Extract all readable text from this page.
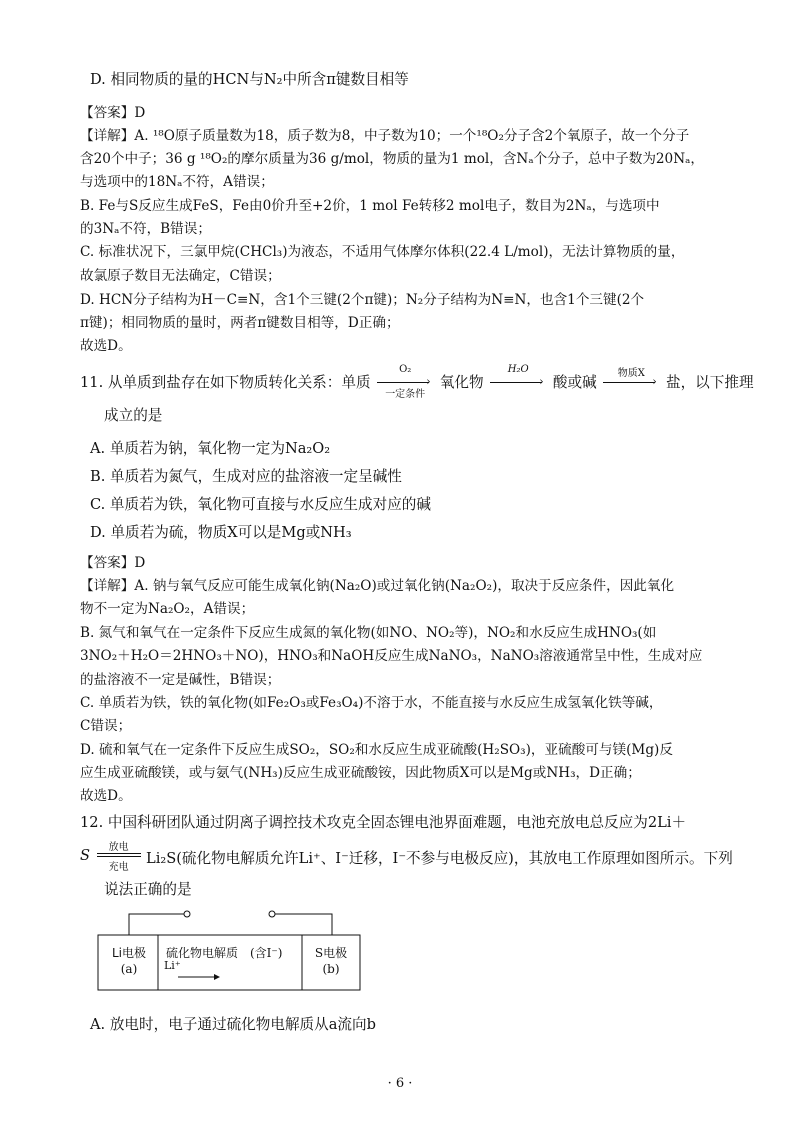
D. 相同物质的量的HCN与N₂中所含π键数目相等
【答案】D
【详解】A. ¹⁸O原子质量数为18，质子数为8，中子数为10；一个¹⁸O₂分子含2个氧原子，故一个分子
含20个中子；36 g ¹⁸O₂的摩尔质量为36 g/mol，物质的量为1 mol，含Nₐ个分子，总中子数为20Nₐ，
与选项中的18Nₐ不符，A错误；
B. Fe与S反应生成FeS，Fe由0价升至+2价，1 mol Fe转移2 mol电子，数目为2Nₐ，与选项中
的3Nₐ不符，B错误；
C. 标准状况下，三氯甲烷(CHCl₃)为液态，不适用气体摩尔体积(22.4 L/mol)，无法计算物质的量，
故氯原子数目无法确定，C错误；
D. HCN分子结构为H－C≡N，含1个三键(2个π键)；N₂分子结构为N≡N，也含1个三键(2个
π键)；相同物质的量时，两者π键数目相等，D正确；
故选D。
成立的是
A. 单质若为钠，氧化物一定为Na₂O₂
B. 单质若为氮气，生成对应的盐溶液一定呈碱性
C. 单质若为铁，氧化物可直接与水反应生成对应的碱
D. 单质若为硫，物质X可以是Mg或NH₃
【答案】D
【详解】A. 钠与氧气反应可能生成氧化钠(Na₂O)或过氧化钠(Na₂O₂)，取决于反应条件，因此氧化
物不一定为Na₂O₂，A错误；
B. 氮气和氧气在一定条件下反应生成氮的氧化物(如NO、NO₂等)，NO₂和水反应生成HNO₃(如
3NO₂＋H₂O＝2HNO₃＋NO)，HNO₃和NaOH反应生成NaNO₃，NaNO₃溶液通常呈中性，生成对应
的盐溶液不一定是碱性，B错误；
C. 单质若为铁，铁的氧化物(如Fe₂O₃或Fe₃O₄)不溶于水，不能直接与水反应生成氢氧化铁等碱，
C错误；
D. 硫和氧气在一定条件下反应生成SO₂，SO₂和水反应生成亚硫酸(H₂SO₃)，亚硫酸可与镁(Mg)反
应生成亚硫酸镁，或与氨气(NH₃)反应生成亚硫酸铵，因此物质X可以是Mg或NH₃，D正确；
故选D。
12. 中国科研团队通过阴离子调控技术攻克全固态锂电池界面难题，电池充放电总反应为2Li＋
Li₂S(硫化物电解质允许Li⁺、I⁻迁移，I⁻不参与电极反应)，其放电工作原理如图所示。下列
说法正确的是
A. 放电时，电子通过硫化物电解质从a流向b
11. 从单质到盐存在如下物质转化关系：单质
O₂
›
一定条件
氧化物
H₂O
› 酸或碱
物质X
› 盐，以下推理
S	放电
充电
Li电极
(a)
硫化物电解质 (含I⁻)
Li⁺
S电极
(b)
· 6 ·
